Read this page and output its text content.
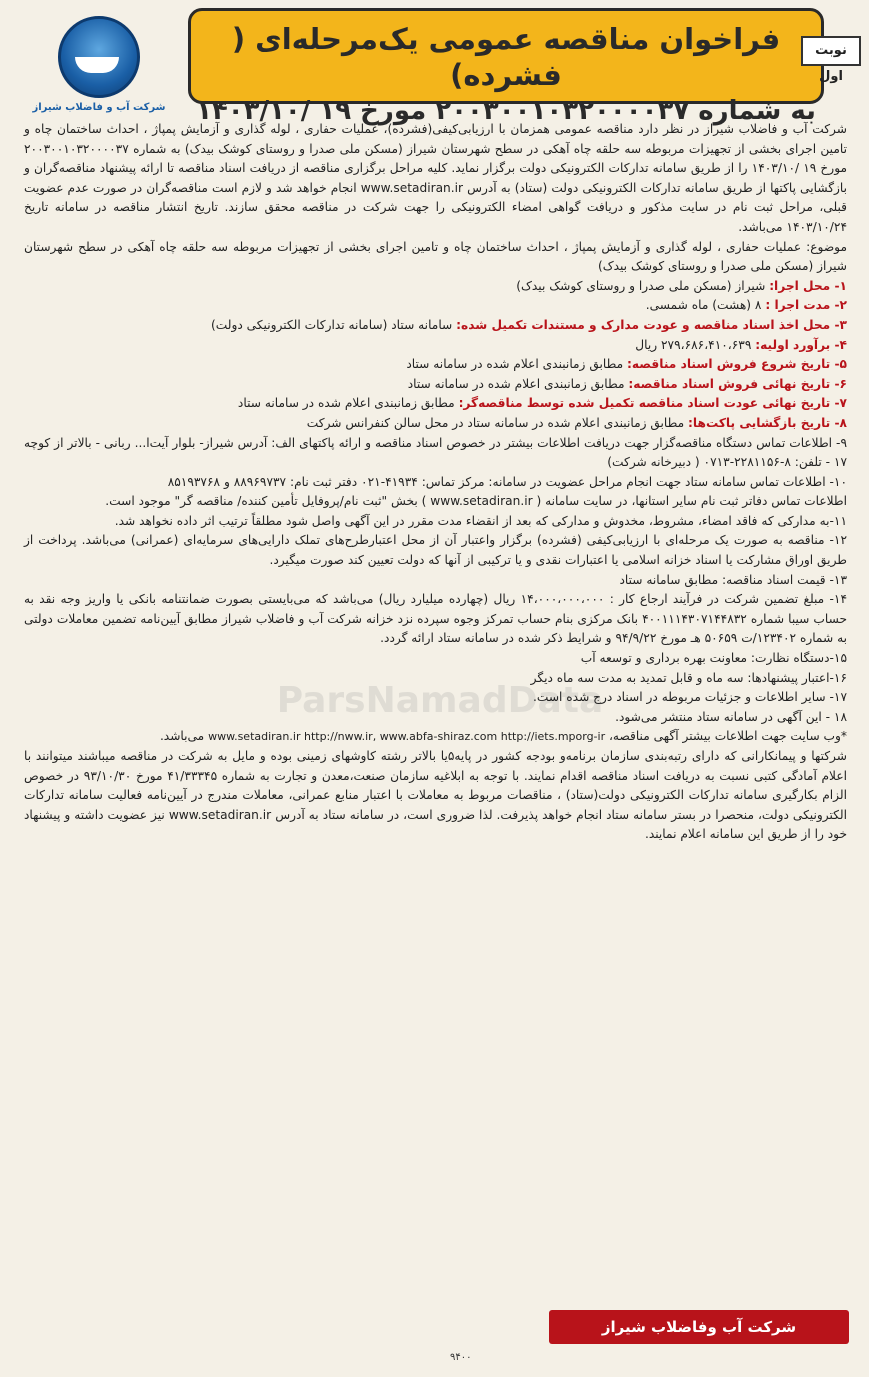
شرکت آب و فاضلاب شیراز
فراخوان مناقصه عمومی یک‌مرحله‌ای ( فشرده)
به شماره ۲۰۰۳۰۰۱۰۳۲۰۰۰۰۳۷ مورخ ۱۹ /۱۴۰۳/۱۰
نوبت اول
ParsNamadData

شرکت آب و فاضلاب شیراز در نظر دارد مناقصه عمومی همزمان با ارزیابی‌کیفی(فشرده)، عملیات حفاری ، لوله گذاری و آزمایش پمپاژ ، احداث ساختمان چاه و تامین اجرای بخشی از تجهیزات مربوطه سه حلقه چاه آهکی در سطح شهرستان شیراز (مسکن ملی صدرا و روستای کوشک بیدک) به شماره ۲۰۰۳۰۰۱۰۳۲۰۰۰۰۳۷ مورخ ۱۹ /۱۴۰۳/۱۰ را از طریق سامانه تدارکات الکترونیکی دولت برگزار نماید. کلیه مراحل برگزاری مناقصه از دریافت اسناد مناقصه تا ارائه پیشنهاد مناقصه‌گران و بازگشایی پاکتها از طریق سامانه تدارکات الکترونیکی دولت (ستاد) به آدرس www.setadiran.ir انجام خواهد شد و لازم است مناقصه‌گران در صورت عدم عضویت قبلی، مراحل ثبت نام در سایت مذکور و دریافت گواهی امضاء الکترونیکی را جهت شرکت در مناقصه محقق سازند. تاریخ انتشار مناقصه در سامانه تاریخ ۱۴۰۳/۱۰/۲۴ می‌باشد.

موضوع: عملیات حفاری ، لوله گذاری و آزمایش پمپاژ ، احداث ساختمان چاه و تامین اجرای بخشی از تجهیزات مربوطه سه حلقه چاه آهکی در سطح شهرستان شیراز (مسکن ملی صدرا و روستای کوشک بیدک)

۱- محل اجرا: شیراز (مسکن ملی صدرا و روستای کوشک بیدک)

۲- مدت اجرا : ۸ (هشت) ماه شمسی.

۳- محل اخذ اسناد مناقصه و عودت مدارک و مستندات تکمیل شده: سامانه ستاد (سامانه تدارکات الکترونیکی دولت)

۴- برآورد اولیه: ۲۷۹،۶۸۶،۴۱۰،۶۳۹ ریال

۵- تاریخ شروع فروش اسناد مناقصه: مطابق زمانبندی اعلام شده در سامانه ستاد

۶- تاریخ نهائی فروش اسناد مناقصه: مطابق زمانبندی اعلام شده در سامانه ستاد

۷- تاریخ نهائی عودت اسناد مناقصه تکمیل شده توسط مناقصه‌گر: مطابق زمانبندی اعلام شده در سامانه ستاد

۸- تاریخ بازگشایی پاکت‌ها: مطابق زمانبندی اعلام شده در سامانه ستاد در محل سالن کنفرانس شرکت

۹- اطلاعات تماس دستگاه مناقصه‌گزار جهت دریافت اطلاعات بیشتر در خصوص اسناد مناقصه و ارائه پاکتهای الف: آدرس شیراز- بلوار آیت‌ا... ربانی - بالاتر از کوچه ۱۷ - تلفن: ۸-۲۲۸۱۱۵۶-۰۷۱۳ ( دبیرخانه شرکت)

۱۰- اطلاعات تماس سامانه ستاد جهت انجام مراحل عضویت در سامانه: مرکز تماس: ۴۱۹۳۴-۰۲۱ دفتر ثبت نام: ۸۸۹۶۹۷۳۷ و ۸۵۱۹۳۷۶۸

اطلاعات تماس دفاتر ثبت نام سایر استانها، در سایت سامانه ( www.setadiran.ir ) بخش "ثبت نام/پروفایل تأمین کننده/ مناقصه گر" موجود است.

۱۱-به مدارکی که فاقد امضاء، مشروط، مخدوش و مدارکی که بعد از انقضاء مدت مقرر در این آگهی واصل شود مطلقاً ترتیب اثر داده نخواهد شد.

۱۲- مناقصه به صورت یک مرحله‌ای با ارزیابی‌کیفی (فشرده) برگزار واعتبار آن از محل اعتبارطرح‌های تملک دارایی‌های سرمایه‌ای (عمرانی) می‌باشد. پرداخت از طریق اوراق مشارکت یا اسناد خزانه اسلامی یا اعتبارات نقدی و یا ترکیبی از آنها که دولت تعیین کند صورت میگیرد.

۱۳- قیمت اسناد مناقصه: مطابق سامانه ستاد

۱۴- مبلغ تضمین شرکت در فرآیند ارجاع کار : ۱۴،۰۰۰،۰۰۰،۰۰۰ ریال (چهارده میلیارد ریال) می‌باشد که می‌بایستی بصورت ضمانتنامه بانکی یا واریز وجه نقد به حساب سیبا شماره ۴۰۰۱۱۱۴۳۰۷۱۴۴۸۳۲ بانک مرکزی بنام حساب تمرکز وجوه سپرده نزد خزانه شرکت آب و فاضلاب شیراز مطابق آیین‌نامه تضمین معاملات دولتی به شماره ۱۲۳۴۰۲/ت ۵۰۶۵۹ هـ مورخ ۹۴/۹/۲۲ و شرایط ذکر شده در سامانه ستاد ارائه گردد.

۱۵-دستگاه نظارت: معاونت بهره برداری و توسعه آب

۱۶-اعتبار پیشنهادها: سه ماه و قابل تمدید به مدت سه ماه دیگر

۱۷- سایر اطلاعات و جزئیات مربوطه در اسناد درج شده است.

۱۸ - این آگهی در سامانه ستاد منتشر می‌شود.

*وب سایت جهت اطلاعات بیشتر آگهی مناقصه، www.setadiran.ir http://nww.ir, www.abfa-shiraz.com http://iets.mporg-ir می‌باشد.

شرکتها و پیمانکارانی که دارای رتبه‌بندی سازمان برنامه‌و بودجه کشور در پایه۵یا بالاتر رشته کاوشهای زمینی بوده و مایل به شرکت در مناقصه میباشند میتوانند با اعلام آمادگی کتبی نسبت به دریافت اسناد مناقصه اقدام نمایند. با توجه به ابلاغیه سازمان صنعت،معدن و تجارت به شماره ۴۱/۳۳۳۴۵ مورخ ۹۳/۱۰/۳۰ در خصوص الزام بکارگیری سامانه تدارکات الکترونیکی دولت(ستاد) ، مناقصات مربوط به معاملات با اعتبار منابع عمرانی، معاملات مندرج در آیین‌نامه فعالیت سامانه تدارکات الکترونیکی دولت، منحصرا در بستر سامانه ستاد انجام خواهد پذیرفت. لذا ضروری است، در سامانه ستاد به آدرس www.setadiran.ir نیز عضویت داشته و پیشنهاد خود را از طریق این سامانه اعلام نمایند.

شرکت آب وفاضلاب شیراز
۹۴۰۰
